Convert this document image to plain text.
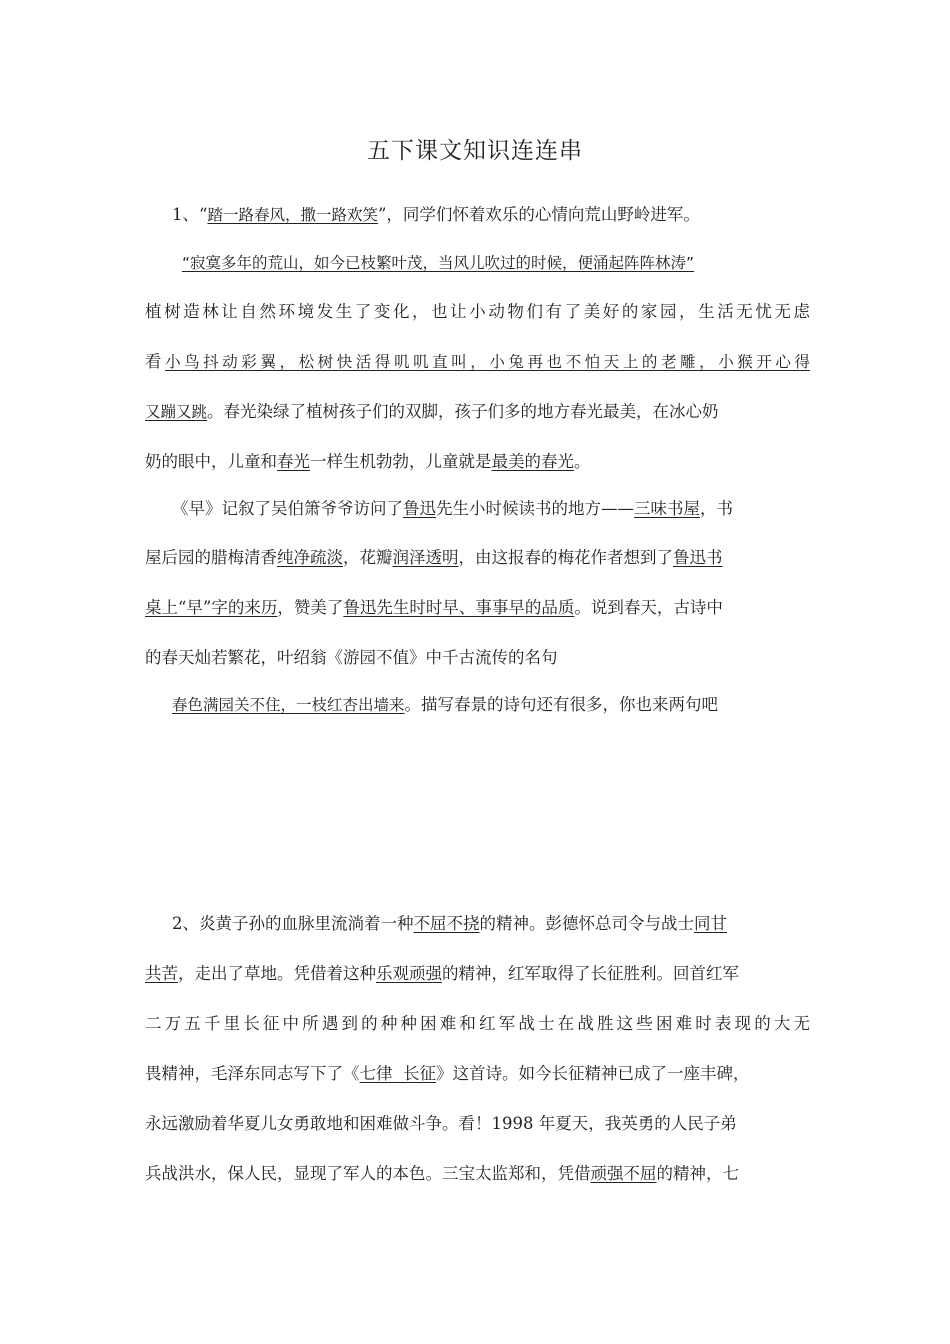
五下课文知识连连串
1、“踏一路春风，撒一路欢笑”，同学们怀着欢乐的心情向荒山野岭进军。
“寂寞多年的荒山，如今已枝繁叶茂，当风儿吹过的时候，便涌起阵阵林涛”
植树造林让自然环境发生了变化，也让小动物们有了美好的家园，生活无忧无虑
看小鸟抖动彩翼，松树快活得叽叽直叫，小兔再也不怕天上的老雕，小猴开心得
又蹦又跳。春光染绿了植树孩子们的双脚，孩子们多的地方春光最美，在冰心奶
奶的眼中，儿童和春光一样生机勃勃，儿童就是最美的春光。
《早》记叙了吴伯箫爷爷访问了鲁迅先生小时候读书的地方——三味书屋，书
屋后园的腊梅清香纯净疏淡，花瓣润泽透明，由这报春的梅花作者想到了鲁迅书
桌上“早”字的来历，赞美了鲁迅先生时时早、事事早的品质。说到春天，古诗中
的春天灿若繁花，叶绍翁《游园不值》中千古流传的名句
春色满园关不住，一枝红杏出墙来。描写春景的诗句还有很多，你也来两句吧
2、炎黄子孙的血脉里流淌着一种不屈不挠的精神。彭德怀总司令与战士同甘
共苦，走出了草地。凭借着这种乐观顽强的精神，红军取得了长征胜利。回首红军
二万五千里长征中所遇到的种种困难和红军战士在战胜这些困难时表现的大无
畏精神，毛泽东同志写下了《七律  长征》这首诗。如今长征精神已成了一座丰碑，
永远激励着华夏儿女勇敢地和困难做斗争。看！1998 年夏天，我英勇的人民子弟
兵战洪水，保人民，显现了军人的本色。三宝太监郑和，凭借顽强不屈的精神，七
